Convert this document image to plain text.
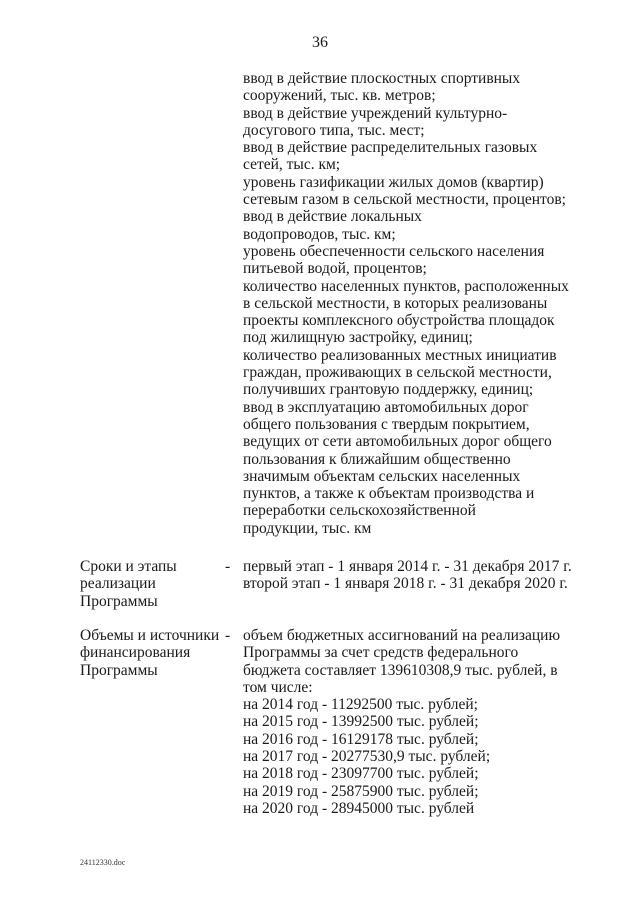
36
ввод в действие плоскостных спортивных
сооружений, тыс. кв. метров;
ввод в действие учреждений культурно-
досугового типа, тыс. мест;
ввод в действие распределительных газовых
сетей, тыс. км;
уровень газификации жилых домов (квартир)
сетевым газом в сельской местности, процентов;
ввод в действие локальных
водопроводов, тыс. км;
уровень обеспеченности сельского населения
питьевой водой, процентов;
количество населенных пунктов, расположенных
в сельской местности, в которых реализованы
проекты комплексного обустройства площадок
под жилищную застройку, единиц;
количество реализованных местных инициатив
граждан, проживающих в сельской местности,
получивших грантовую поддержку, единиц;
ввод в эксплуатацию автомобильных дорог
общего пользования с твердым покрытием,
ведущих от сети автомобильных дорог общего
пользования к ближайшим общественно
значимым объектам сельских населенных
пунктов, а также к объектам производства и
переработки сельскохозяйственной
продукции, тыс. км
Сроки и этапы
реализации
Программы
- первый этап - 1 января 2014 г. - 31 декабря 2017 г.
второй этап - 1 января 2018 г. - 31 декабря 2020 г.
Объемы и источники
финансирования
Программы
- объем бюджетных ассигнований на реализацию
Программы за счет средств федерального
бюджета составляет 139610308,9 тыс. рублей, в
том числе:
на 2014 год - 11292500 тыс. рублей;
на 2015 год - 13992500 тыс. рублей;
на 2016 год - 16129178 тыс. рублей;
на 2017 год - 20277530,9 тыс. рублей;
на 2018 год - 23097700 тыс. рублей;
на 2019 год - 25875900 тыс. рублей;
на 2020 год - 28945000 тыс. рублей
24112330.doc
